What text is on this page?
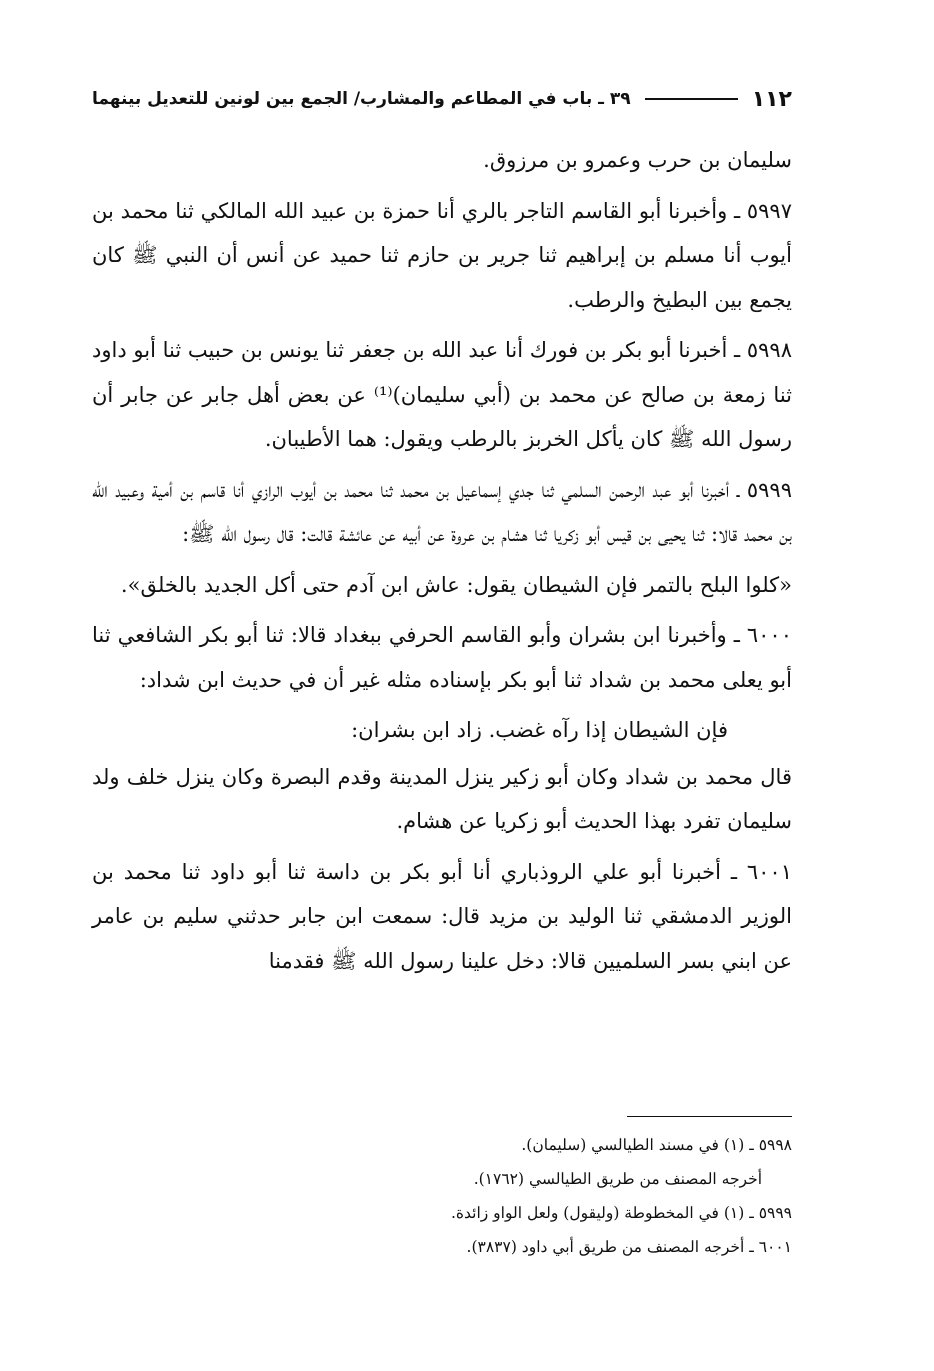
١١٢
٣٩ ـ باب في المطاعم والمشارب/ الجمع بين لونين للتعديل بينهما

سليمان بن حرب وعمرو بن مرزوق.

٥٩٩٧ ـ وأخبرنا أبو القاسم التاجر بالري أنا حمزة بن عبيد الله المالكي ثنا محمد بن أيوب أنا مسلم بن إبراهيم ثنا جرير بن حازم ثنا حميد عن أنس أن النبي ﷺ كان يجمع بين البطيخ والرطب.

٥٩٩٨ ـ أخبرنا أبو بكر بن فورك أنا عبد الله بن جعفر ثنا يونس بن حبيب ثنا أبو داود ثنا زمعة بن صالح عن محمد بن (أبي سليمان)⁽¹⁾ عن بعض أهل جابر عن جابر أن رسول الله ﷺ كان يأكل الخربز بالرطب ويقول: هما الأطيبان.

٥٩٩٩ ـ أخبرنا أبو عبد الرحمن السلمي ثنا جدي إسماعيل بن محمد ثنا محمد بن أيوب الرازي أنا قاسم بن أمية وعبيد الله بن محمد قالا: ثنا يحيى بن قيس أبو زكريا ثنا هشام بن عروة عن أبيه عن عائشة قالت: قال رسول الله ﷺ:

«كلوا البلح بالتمر فإن الشيطان يقول: عاش ابن آدم حتى أكل الجديد بالخلق».

٦٠٠٠ ـ وأخبرنا ابن بشران وأبو القاسم الحرفي ببغداد قالا: ثنا أبو بكر الشافعي ثنا أبو يعلى محمد بن شداد ثنا أبو بكر بإسناده مثله غير أن في حديث ابن شداد:

فإن الشيطان إذا رآه غضب. زاد ابن بشران:

قال محمد بن شداد وكان أبو زكير ينزل المدينة وقدم البصرة وكان ينزل خلف ولد سليمان تفرد بهذا الحديث أبو زكريا عن هشام.

٦٠٠١ ـ أخبرنا أبو علي الروذباري أنا أبو بكر بن داسة ثنا أبو داود ثنا محمد بن الوزير الدمشقي ثنا الوليد بن مزيد قال: سمعت ابن جابر حدثني سليم بن عامر عن ابني بسر السلميين قالا: دخل علينا رسول الله ﷺ فقدمنا

٥٩٩٨ ـ (١) في مسند الطيالسي (سليمان).

أخرجه المصنف من طريق الطيالسي (١٧٦٢).

٥٩٩٩ ـ (١) في المخطوطة (وليقول) ولعل الواو زائدة.

٦٠٠١ ـ أخرجه المصنف من طريق أبي داود (٣٨٣٧).
